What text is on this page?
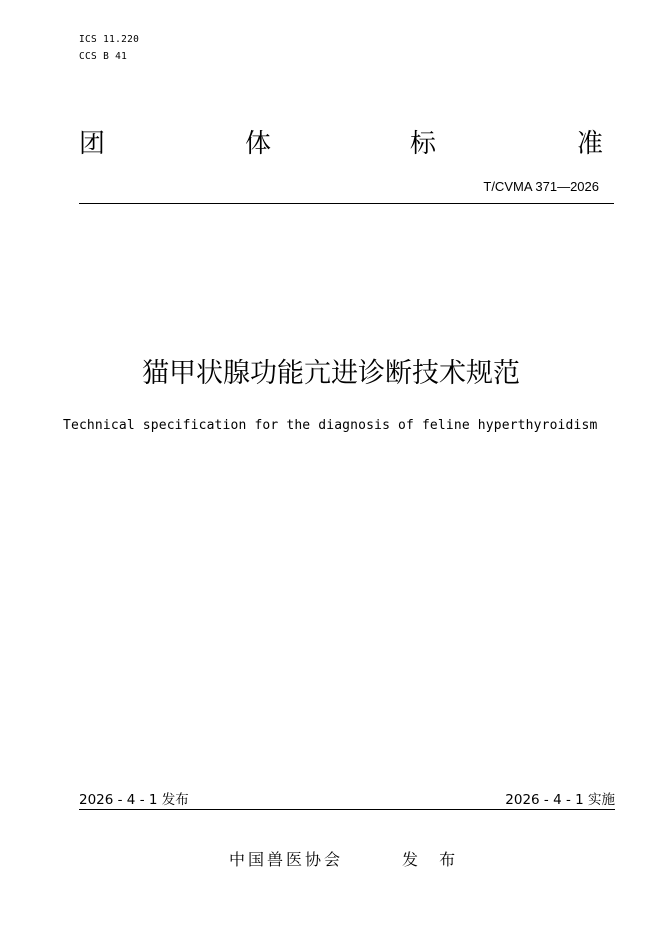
ICS 11.220
CCS B 41
团	体	标	准
T/CVMA 371—2026
猫甲状腺功能亢进诊断技术规范
Technical specification for the diagnosis of feline hyperthyroidism
2026 - 4 - 1 发布	2026 - 4 - 1 实施
中国兽医协会	发 布
